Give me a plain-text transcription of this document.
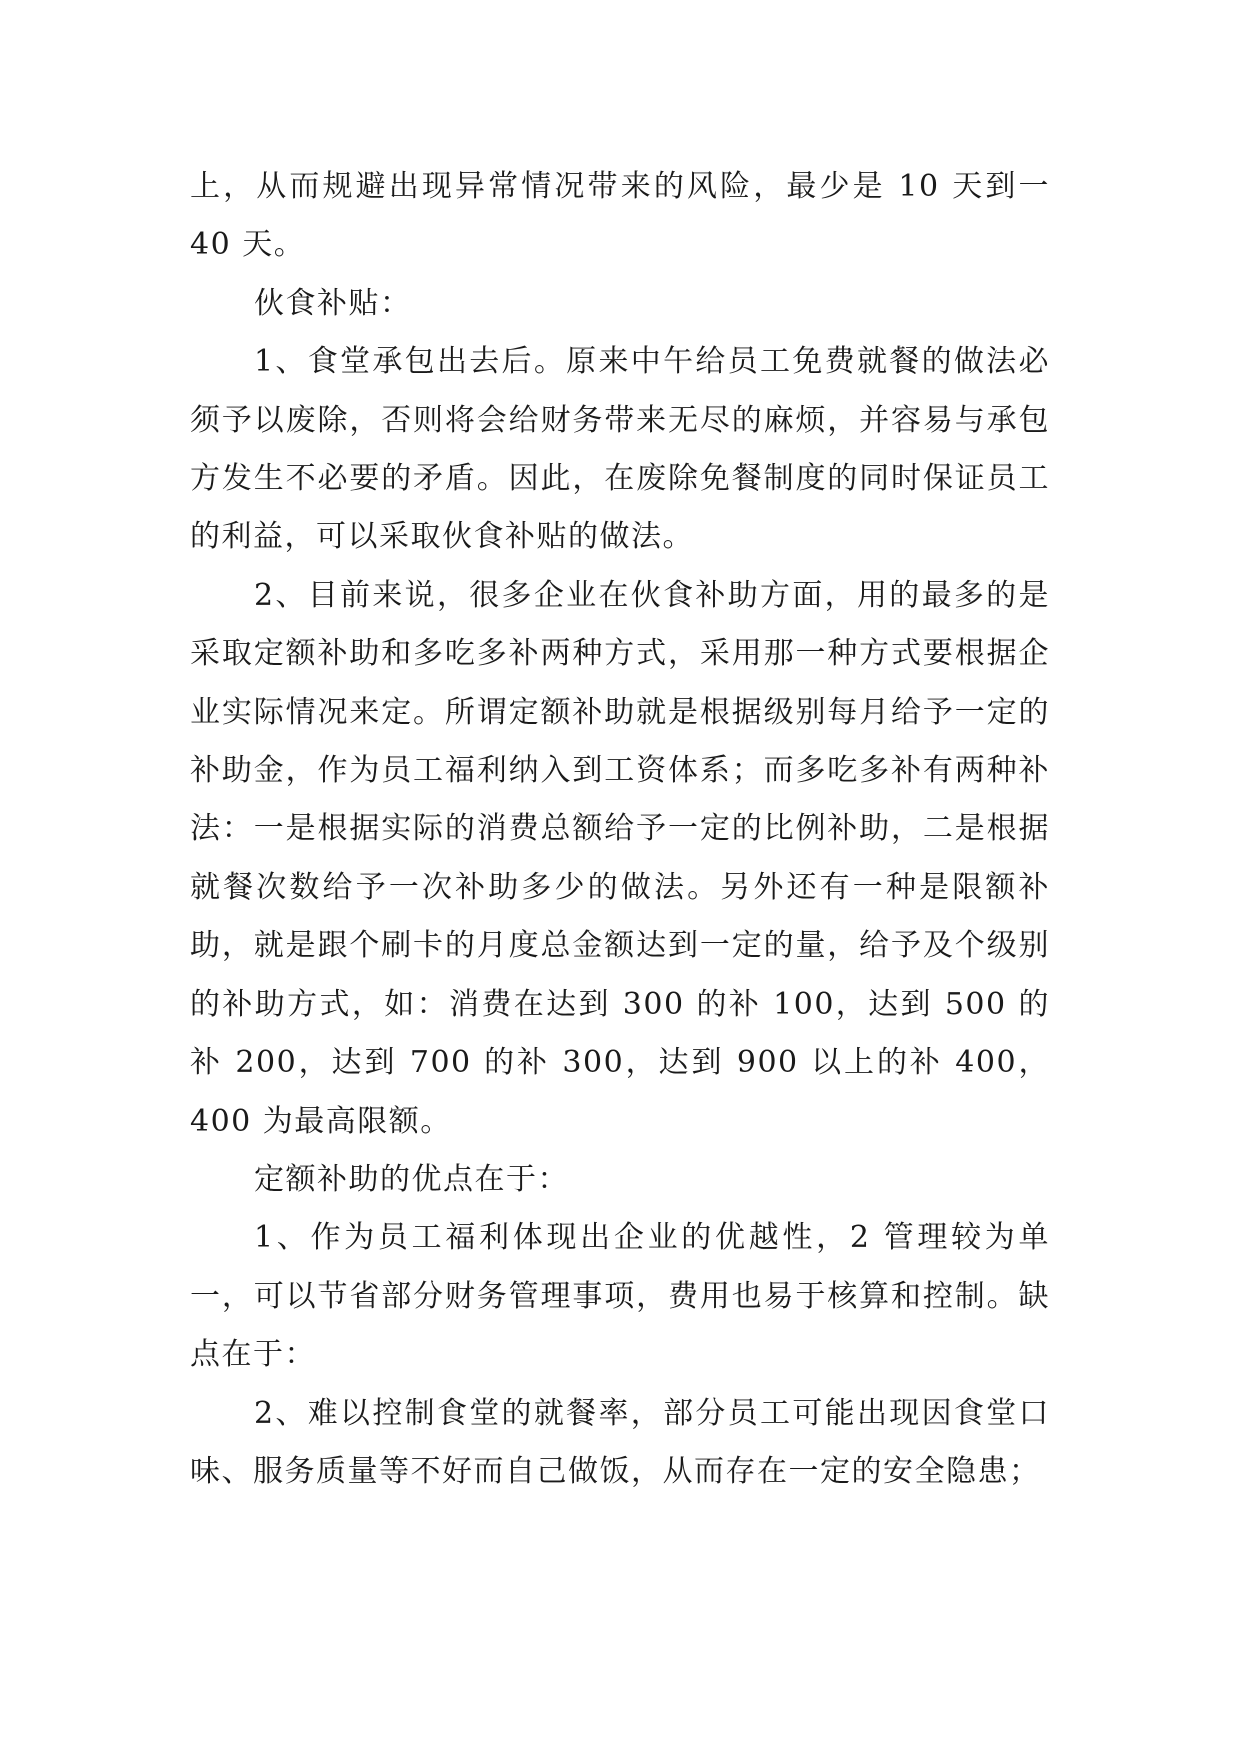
上，从而规避出现异常情况带来的风险，最少是 10 天到一 40 天。

伙食补贴：

1、食堂承包出去后。原来中午给员工免费就餐的做法必须予以废除，否则将会给财务带来无尽的麻烦，并容易与承包方发生不必要的矛盾。因此，在废除免餐制度的同时保证员工的利益，可以采取伙食补贴的做法。

2、目前来说，很多企业在伙食补助方面，用的最多的是采取定额补助和多吃多补两种方式，采用那一种方式要根据企业实际情况来定。所谓定额补助就是根据级别每月给予一定的补助金，作为员工福利纳入到工资体系；而多吃多补有两种补法：一是根据实际的消费总额给予一定的比例补助，二是根据就餐次数给予一次补助多少的做法。另外还有一种是限额补助，就是跟个刷卡的月度总金额达到一定的量，给予及个级别的补助方式，如：消费在达到 300 的补 100，达到 500 的补 200，达到 700 的补 300，达到 900 以上的补 400，400 为最高限额。

定额补助的优点在于：

1、作为员工福利体现出企业的优越性，2 管理较为单一，可以节省部分财务管理事项，费用也易于核算和控制。缺点在于：

2、难以控制食堂的就餐率，部分员工可能出现因食堂口味、服务质量等不好而自己做饭，从而存在一定的安全隐患；
